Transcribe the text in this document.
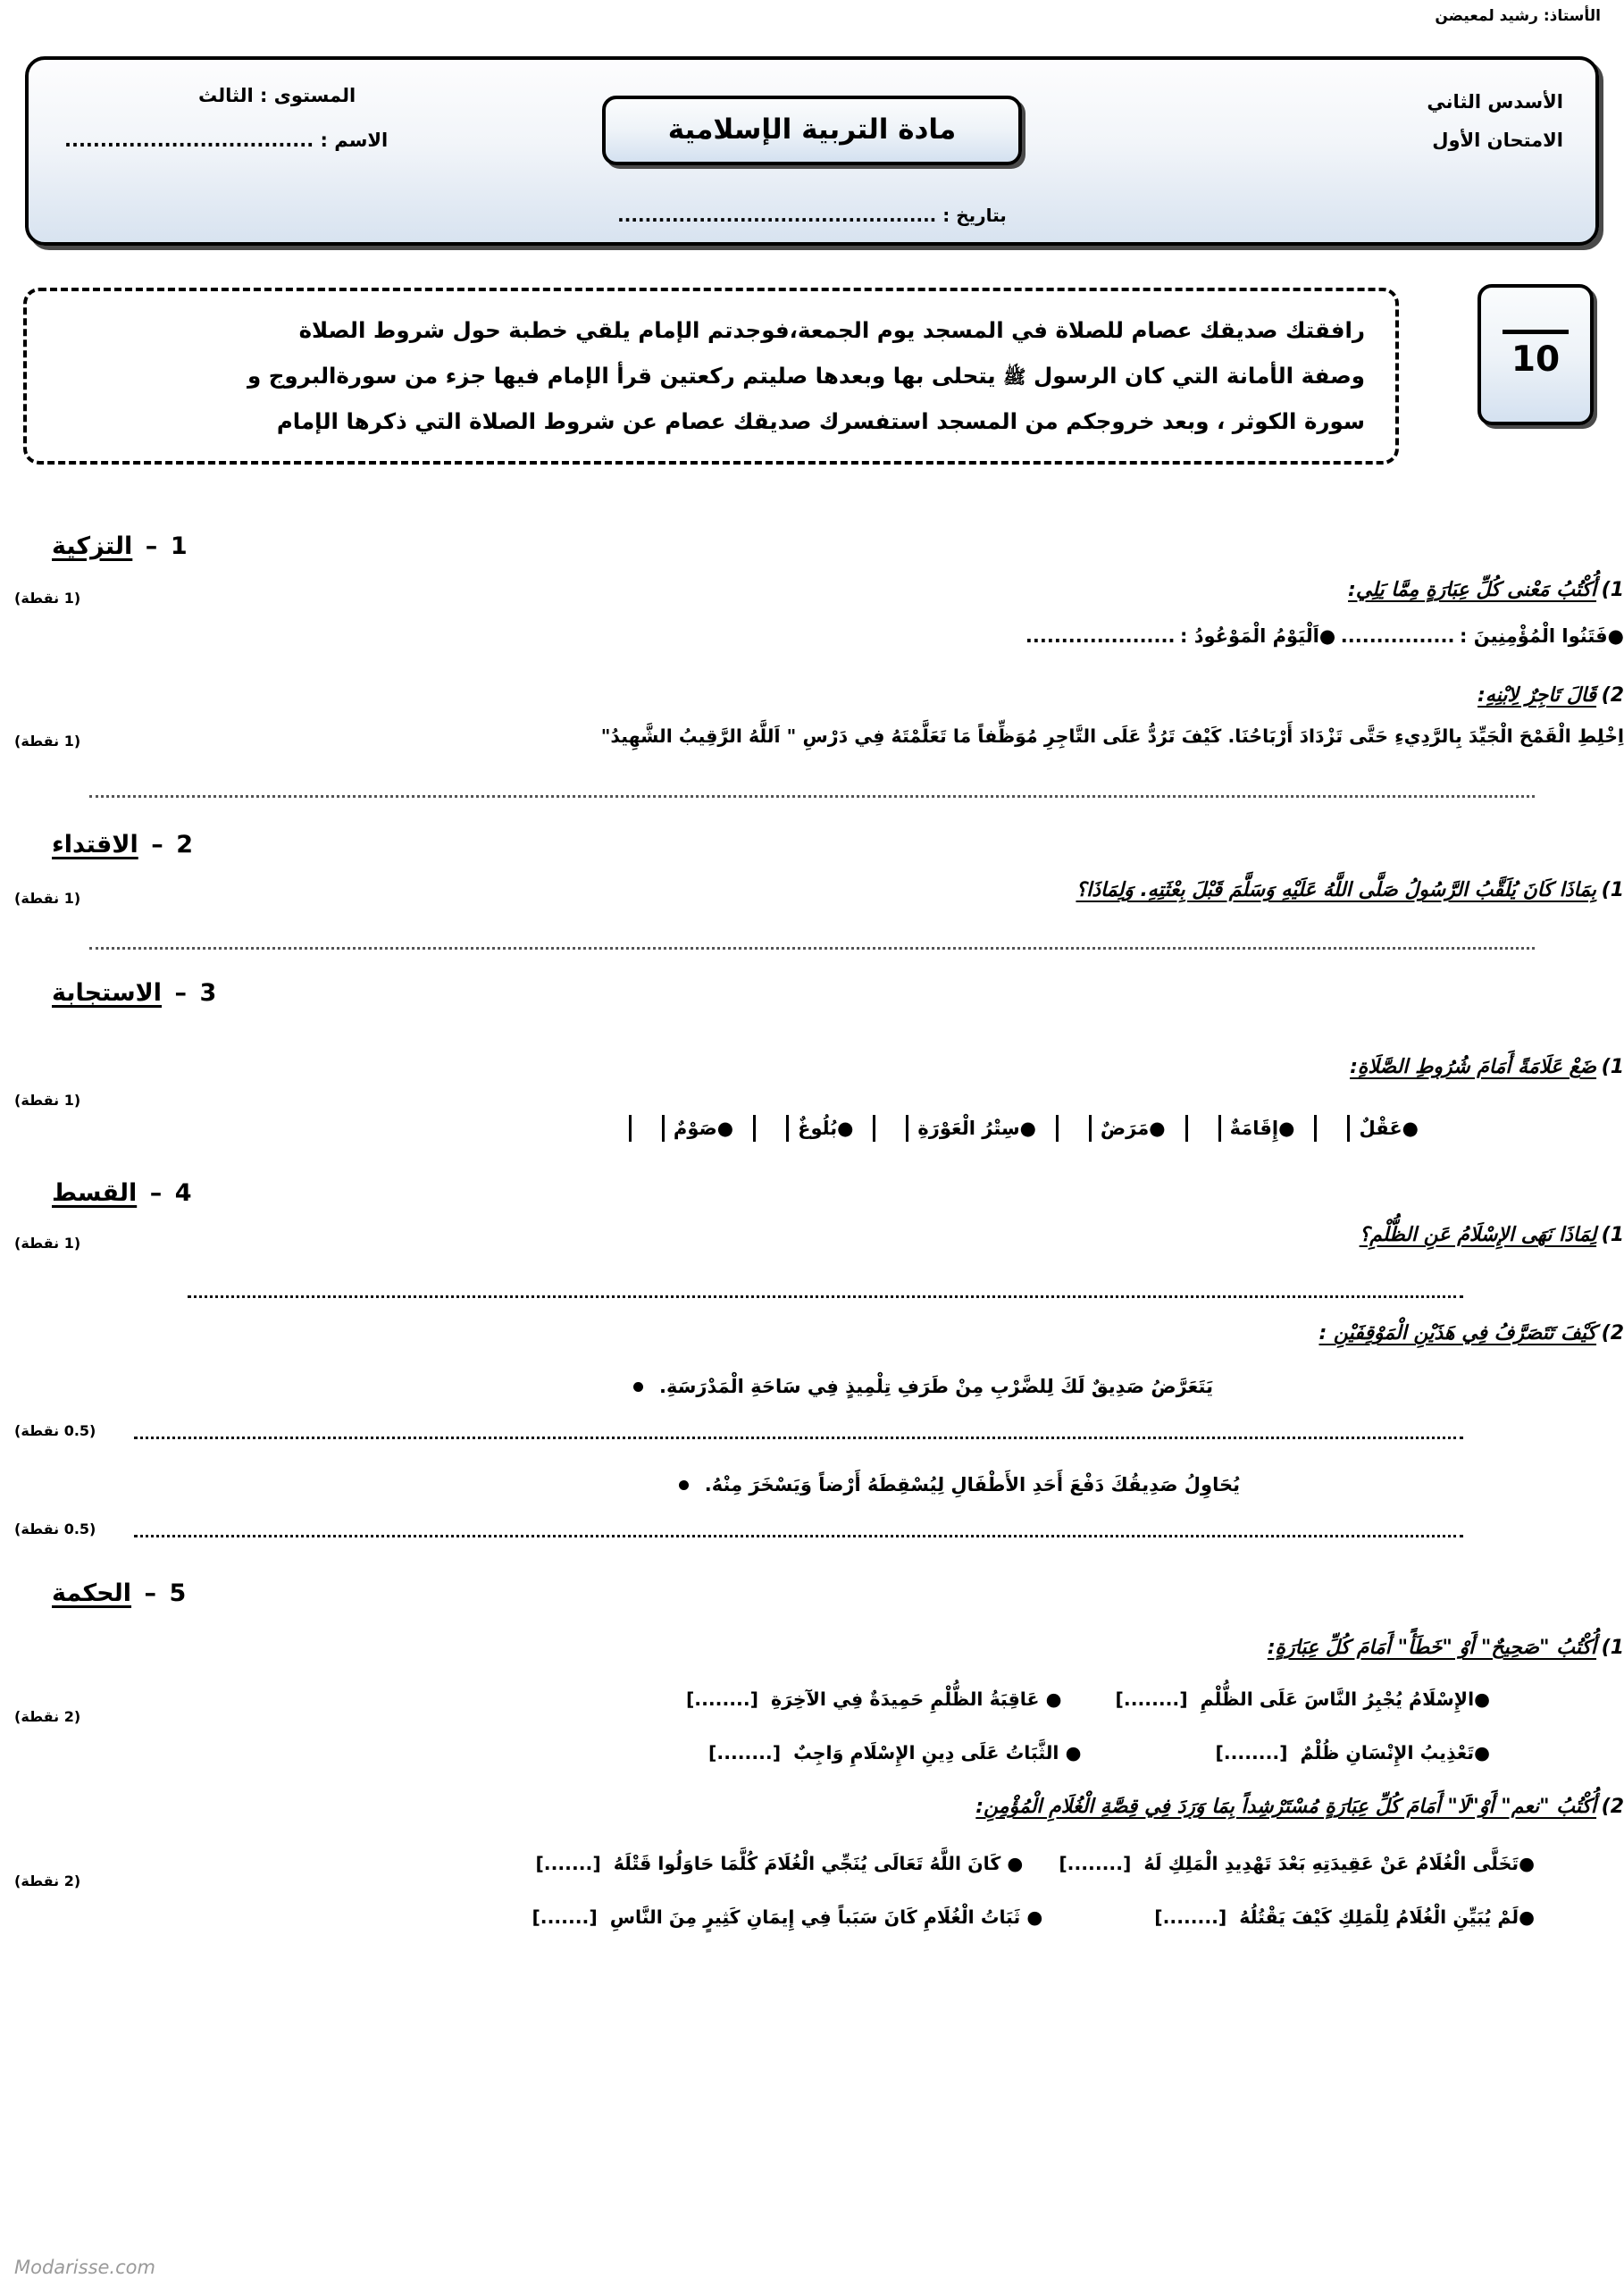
الأستاذ: رشيد لمعيضن
الأسدس الثاني
الامتحان الأول
مادة التربية الإسلامية
المستوى : الثالث
الاسم : ...................................
بتاريخ : ...............................................
10

رافقتك صديقك عصام للصلاة في المسجد يوم الجمعة،فوجدتم الإمام يلقي خطبة حول شروط الصلاة

وصفة الأمانة التي كان الرسول ﷺ يتحلى بها وبعدها صليتم ركعتين قرأ الإمام فيها جزء من سورةالبروج و

سورة الكوثر ، وبعد خروجكم من المسجد استفسرك صديقك عصام عن شروط الصلاة التي ذكرها الإمام

1  –  التزكية
(1 نقطة)	1) أُكْتُبُ مَعْنى كُلِّ عِبَارَةٍ مِمَّا يَلِي:
●فَتَنُوا الْمُؤْمِنِينَ : ................ ●اَلْيَوْمُ الْمَوْعُودُ : .....................
2) قَالَ تَاجِرٌ لِابْنِهِ:
(1 نقطة)	اِخْلِطِ الْقَمْحَ الْجَيِّدَ بِالرَّدِيءِ حَتَّى تَزْدَادَ أَرْبَاحُنَا. كَيْفَ تَرُدُّ عَلَى التَّاجِرِ مُوَظِّفاً مَا تَعَلَّمْتَهُ فِي دَرْسِ " اَللَّهُ الرَّقِيبُ الشَّهِيدُ"
2  –  الاقتداء
(1 نقطة)	1) بِمَاذَا كَانَ يُلَقَّبُ الرَّسُولُ صَلَّى اللَّهُ عَلَيْهِ وَسَلَّمَ قَبْلَ بِعْثَتِهِ. وَلِمَاذَا؟
3  –  الاستجابة
(1 نقطة)
1) ضَعْ عَلَامَةً أَمَامَ شُرُوطِ الصَّلَاةِ:
●عَقْلٌ
●إِقَامَةٌ
●مَرَضٌ
●سِتْرُ الْعَوْرَةِ
●بُلُوغٌ
●صَوْمٌ
4  –  القسط
(1 نقطة)	1) لِمَاذَا نَهَى الإِسْلَامُ عَنِ الظُّلْمِ؟
2) كَيْفَ تَتَصَرَّفُ فِي هَذَيْنِ الْمَوْقِفَيْنِ :
يَتَعَرَّضُ صَدِيقٌ لَكَ لِلضَّرْبِ مِنْ طَرَفِ تِلْمِيذٍ فِي سَاحَةِ الْمَدْرَسَةِ.
(0.5 نقطة)
يُحَاوِلُ صَدِيقُكَ دَفْعَ أَحَدِ الأَطْفَالِ لِيُسْقِطَهُ أَرْضاً وَيَسْخَرَ مِنْهُ.
(0.5 نقطة)
5  –  الحكمة
1) أُكْتُبُ "صَحِيحٌ" أَوْ "خَطَأً" أَمَامَ كُلِّ عِبَارَةٍ:
(2 نقطة)
●الإِسْلَامُ يُجْبِرُ النَّاسَ عَلَى الظُّلْمِ
[........]
● عَاقِبَةُ الظُّلْمِ حَمِيدَةٌ فِي الآخِرَةِ
[........]
●تَعْذِيبُ الإِنْسَانِ ظُلْمٌ
[........]
● الثَّبَاتُ عَلَى دِينِ الإِسْلَامِ وَاجِبٌ
[........]
2) أُكْتُبُ "نعم" أَوْ"لَا" أَمَامَ كُلِّ عِبَارَةٍ مُسْتَرْشِداً بِمَا وَرَدَ فِي قِصَّةِ الْغُلَامِ الْمُؤْمِنِ:
(2 نقطة)
●تَخَلَّى الْغُلَامُ عَنْ عَقِيدَتِهِ بَعْدَ تَهْدِيدِ الْمَلِكِ لَهُ
[........]
● كَانَ اللَّهُ تَعَالَى يُنَجِّي الْغُلَامَ كُلَّمَا حَاوَلُوا قَتْلَهُ
[.......]
●لَمْ يُبَيِّنِ الْغُلَامُ لِلْمَلِكِ كَيْفَ يَقْتُلُهُ
[........]
● ثَبَاتُ الْغُلَامِ كَانَ سَبَباً فِي إِيمَانِ كَثِيرٍ مِنَ النَّاسِ
[.......]
Modarisse.com
